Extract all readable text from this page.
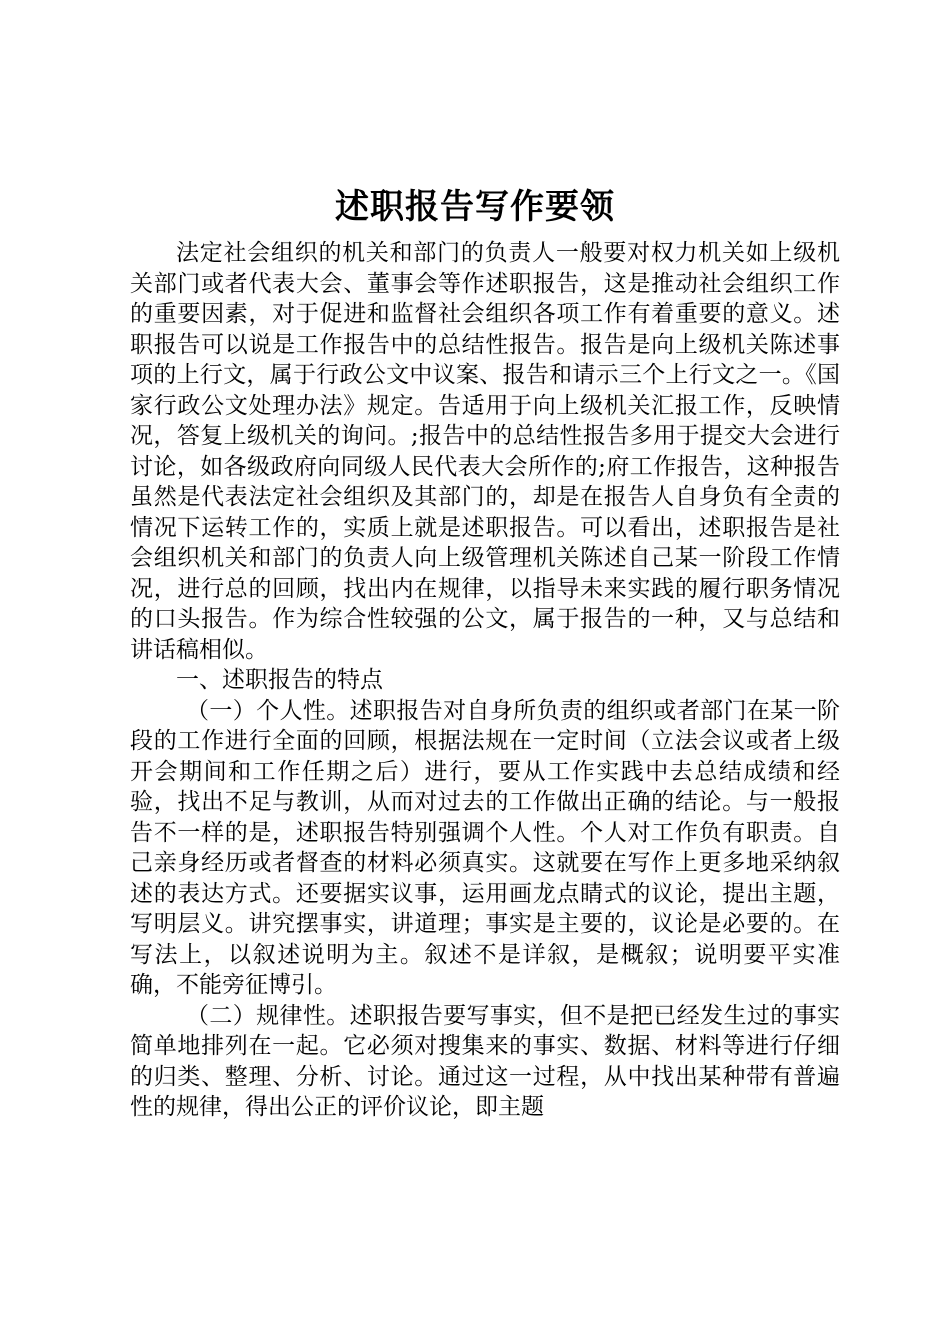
述职报告写作要领

法定社会组织的机关和部门的负责人一般要对权力机关如上级机关部门或者代表大会、董事会等作述职报告，这是推动社会组织工作的重要因素，对于促进和监督社会组织各项工作有着重要的意义。述职报告可以说是工作报告中的总结性报告。报告是向上级机关陈述事项的上行文，属于行政公文中议案、报告和请示三个上行文之一。《国家行政公文处理办法》规定。告适用于向上级机关汇报工作，反映情况，答复上级机关的询问。;报告中的总结性报告多用于提交大会进行讨论，如各级政府向同级人民代表大会所作的;府工作报告，这种报告虽然是代表法定社会组织及其部门的，却是在报告人自身负有全责的情况下运转工作的，实质上就是述职报告。可以看出，述职报告是社会组织机关和部门的负责人向上级管理机关陈述自己某一阶段工作情况，进行总的回顾，找出内在规律，以指导未来实践的履行职务情况的口头报告。作为综合性较强的公文，属于报告的一种，又与总结和讲话稿相似。

一、述职报告的特点

（一）个人性。述职报告对自身所负责的组织或者部门在某一阶段的工作进行全面的回顾，根据法规在一定时间（立法会议或者上级开会期间和工作任期之后）进行，要从工作实践中去总结成绩和经验，找出不足与教训，从而对过去的工作做出正确的结论。与一般报告不一样的是，述职报告特别强调个人性。个人对工作负有职责。自己亲身经历或者督查的材料必须真实。这就要在写作上更多地采纳叙述的表达方式。还要据实议事，运用画龙点睛式的议论，提出主题，写明层义。讲究摆事实，讲道理；事实是主要的，议论是必要的。在写法上，以叙述说明为主。叙述不是详叙，是概叙；说明要平实准确，不能旁征博引。

（二）规律性。述职报告要写事实，但不是把已经发生过的事实简单地排列在一起。它必须对搜集来的事实、数据、材料等进行仔细的归类、整理、分析、讨论。通过这一过程，从中找出某种带有普遍性的规律，得出公正的评价议论，即主题
